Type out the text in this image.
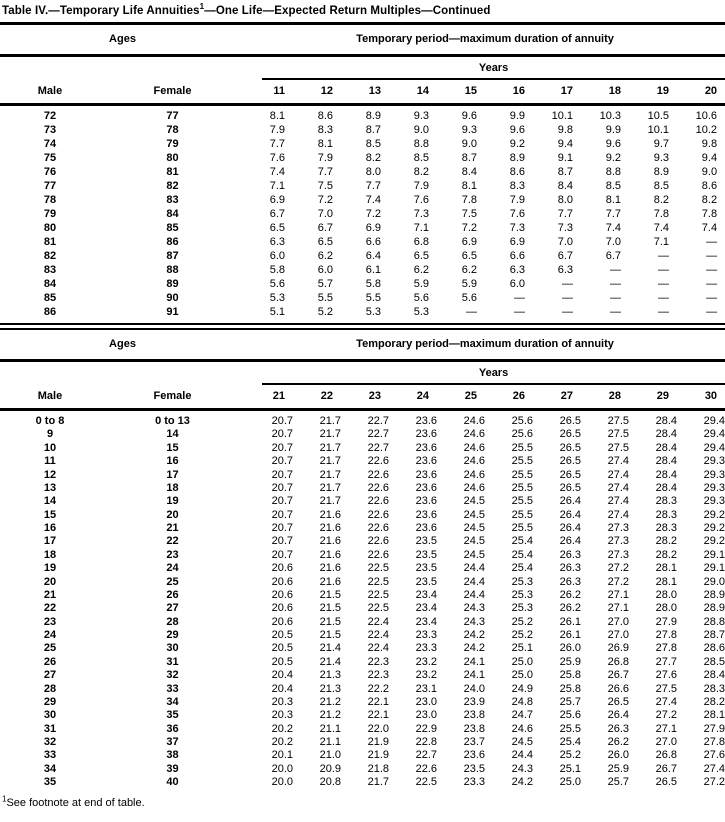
Table IV.—Temporary Life Annuities$^1$—One Life—Expected Return Multiples—Continued
Ages		Temporary period—maximum duration of annuity									

		Years									

Male	Female	11	12	13	14	15	16	17	18	19	20
72	77	8.1	8.6	8.9	9.3	9.6	9.9	10.1	10.3	10.5	10.6
73	78	7.9	8.3	8.7	9.0	9.3	9.6	9.8	9.9	10.1	10.2
74	79	7.7	8.1	8.5	8.8	9.0	9.2	9.4	9.6	9.7	9.8
75	80	7.6	7.9	8.2	8.5	8.7	8.9	9.1	9.2	9.3	9.4
76	81	7.4	7.7	8.0	8.2	8.4	8.6	8.7	8.8	8.9	9.0
77	82	7.1	7.5	7.7	7.9	8.1	8.3	8.4	8.5	8.5	8.6
78	83	6.9	7.2	7.4	7.6	7.8	7.9	8.0	8.1	8.2	8.2
79	84	6.7	7.0	7.2	7.3	7.5	7.6	7.7	7.7	7.8	7.8
80	85	6.5	6.7	6.9	7.1	7.2	7.3	7.3	7.4	7.4	7.4
81	86	6.3	6.5	6.6	6.8	6.9	6.9	7.0	7.0	7.1	—
82	87	6.0	6.2	6.4	6.5	6.5	6.6	6.7	6.7	—	—
83	88	5.8	6.0	6.1	6.2	6.2	6.3	6.3	—	—	—
84	89	5.6	5.7	5.8	5.9	5.9	6.0	—	—	—	—
85	90	5.3	5.5	5.5	5.6	5.6	—	—	—	—	—
86	91	5.1	5.2	5.3	5.3	—	—	—	—	—	—
Ages		Temporary period—maximum duration of annuity									

		Years									

Male	Female	21	22	23	24	25	26	27	28	29	30
0 to 8	0 to 13	20.7	21.7	22.7	23.6	24.6	25.6	26.5	27.5	28.4	29.4
9	14	20.7	21.7	22.7	23.6	24.6	25.6	26.5	27.5	28.4	29.4
10	15	20.7	21.7	22.7	23.6	24.6	25.5	26.5	27.5	28.4	29.4
11	16	20.7	21.7	22.6	23.6	24.6	25.5	26.5	27.4	28.4	29.3
12	17	20.7	21.7	22.6	23.6	24.6	25.5	26.5	27.4	28.4	29.3
13	18	20.7	21.7	22.6	23.6	24.6	25.5	26.5	27.4	28.4	29.3
14	19	20.7	21.7	22.6	23.6	24.5	25.5	26.4	27.4	28.3	29.3
15	20	20.7	21.6	22.6	23.6	24.5	25.5	26.4	27.4	28.3	29.2
16	21	20.7	21.6	22.6	23.6	24.5	25.5	26.4	27.3	28.3	29.2
17	22	20.7	21.6	22.6	23.5	24.5	25.4	26.4	27.3	28.2	29.2
18	23	20.7	21.6	22.6	23.5	24.5	25.4	26.3	27.3	28.2	29.1
19	24	20.6	21.6	22.5	23.5	24.4	25.4	26.3	27.2	28.1	29.1
20	25	20.6	21.6	22.5	23.5	24.4	25.3	26.3	27.2	28.1	29.0
21	26	20.6	21.5	22.5	23.4	24.4	25.3	26.2	27.1	28.0	28.9
22	27	20.6	21.5	22.5	23.4	24.3	25.3	26.2	27.1	28.0	28.9
23	28	20.6	21.5	22.4	23.4	24.3	25.2	26.1	27.0	27.9	28.8
24	29	20.5	21.5	22.4	23.3	24.2	25.2	26.1	27.0	27.8	28.7
25	30	20.5	21.4	22.4	23.3	24.2	25.1	26.0	26.9	27.8	28.6
26	31	20.5	21.4	22.3	23.2	24.1	25.0	25.9	26.8	27.7	28.5
27	32	20.4	21.3	22.3	23.2	24.1	25.0	25.8	26.7	27.6	28.4
28	33	20.4	21.3	22.2	23.1	24.0	24.9	25.8	26.6	27.5	28.3
29	34	20.3	21.2	22.1	23.0	23.9	24.8	25.7	26.5	27.4	28.2
30	35	20.3	21.2	22.1	23.0	23.8	24.7	25.6	26.4	27.2	28.1
31	36	20.2	21.1	22.0	22.9	23.8	24.6	25.5	26.3	27.1	27.9
32	37	20.2	21.1	21.9	22.8	23.7	24.5	25.4	26.2	27.0	27.8
33	38	20.1	21.0	21.9	22.7	23.6	24.4	25.2	26.0	26.8	27.6
34	39	20.0	20.9	21.8	22.6	23.5	24.3	25.1	25.9	26.7	27.4
35	40	20.0	20.8	21.7	22.5	23.3	24.2	25.0	25.7	26.5	27.2
$^1$See footnote at end of table.
